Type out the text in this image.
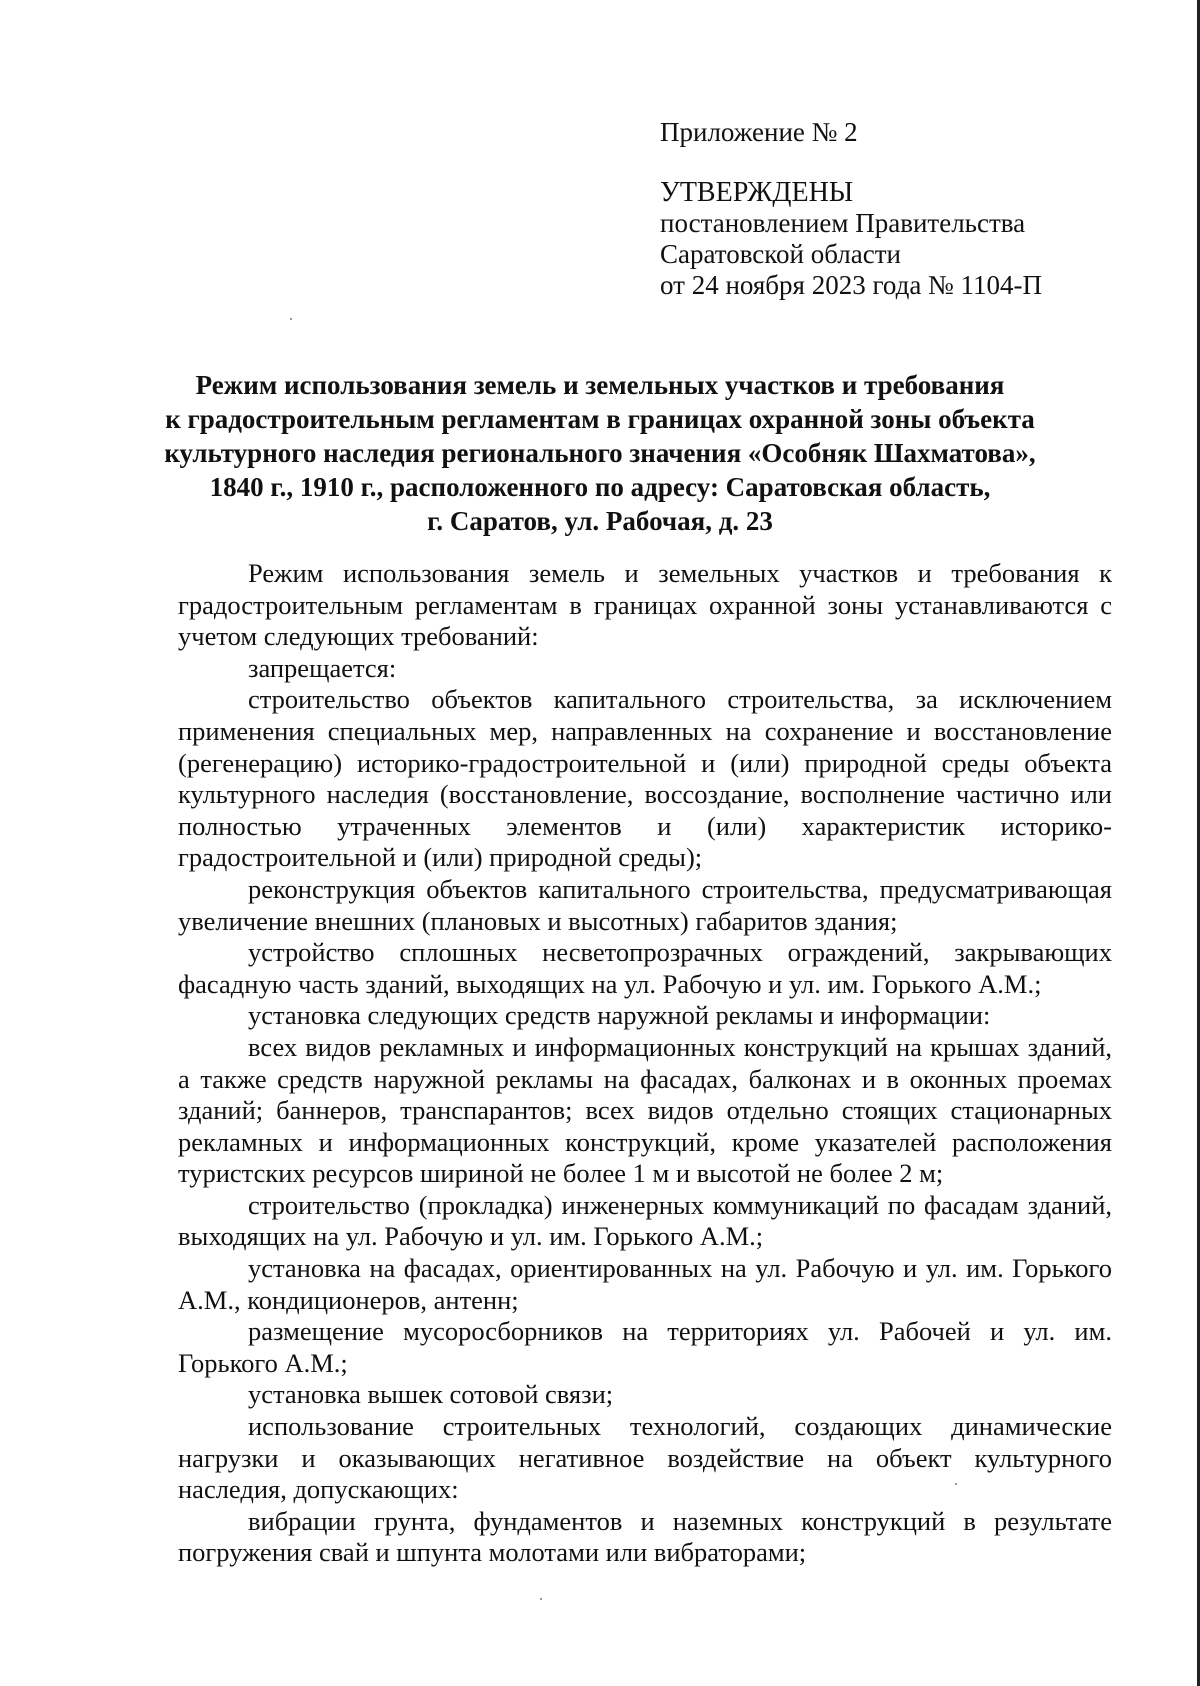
Приложение № 2
УТВЕРЖДЕНЫ
постановлением Правительства
Саратовской области
от 24 ноября 2023 года № 1104-П
Режим использования земель и земельных участков и требования
к градостроительным регламентам в границах охранной зоны объекта
культурного наследия регионального значения «Особняк Шахматова»,
1840 г., 1910 г., расположенного по адресу: Саратовская область,
г. Саратов, ул. Рабочая, д. 23

Режим использования земель и земельных участков и требования к градостроительным регламентам в границах охранной зоны устанавливаются с учетом следующих требований:

запрещается:

строительство объектов капитального строительства, за исключением применения специальных мер, направленных на сохранение и восстановление (регенерацию) историко-градостроительной и (или) природной среды объекта культурного наследия (восстановление, воссоздание, восполнение частично или полностью утраченных элементов и (или) характеристик историко-градостроительной и (или) природной среды);

реконструкция объектов капитального строительства, предусматривающая увеличение внешних (плановых и высотных) габаритов здания;

устройство сплошных несветопрозрачных ограждений, закрывающих фасадную часть зданий, выходящих на ул. Рабочую и ул. им. Горького А.М.;

установка следующих средств наружной рекламы и информации:

всех видов рекламных и информационных конструкций на крышах зданий, а также средств наружной рекламы на фасадах, балконах и в оконных проемах зданий; баннеров, транспарантов; всех видов отдельно стоящих стационарных рекламных и информационных конструкций, кроме указателей расположения туристских ресурсов шириной не более 1 м и высотой не более 2 м;

строительство (прокладка) инженерных коммуникаций по фасадам зданий, выходящих на ул. Рабочую и ул. им. Горького А.М.;

установка на фасадах, ориентированных на ул. Рабочую и ул. им. Горького А.М., кондиционеров, антенн;

размещение мусоросборников на территориях ул. Рабочей и ул. им. Горького А.М.;

установка вышек сотовой связи;

использование строительных технологий, создающих динамические нагрузки и оказывающих негативное воздействие на объект культурного наследия, допускающих:

вибрации грунта, фундаментов и наземных конструкций в результате погружения свай и шпунта молотами или вибраторами;
